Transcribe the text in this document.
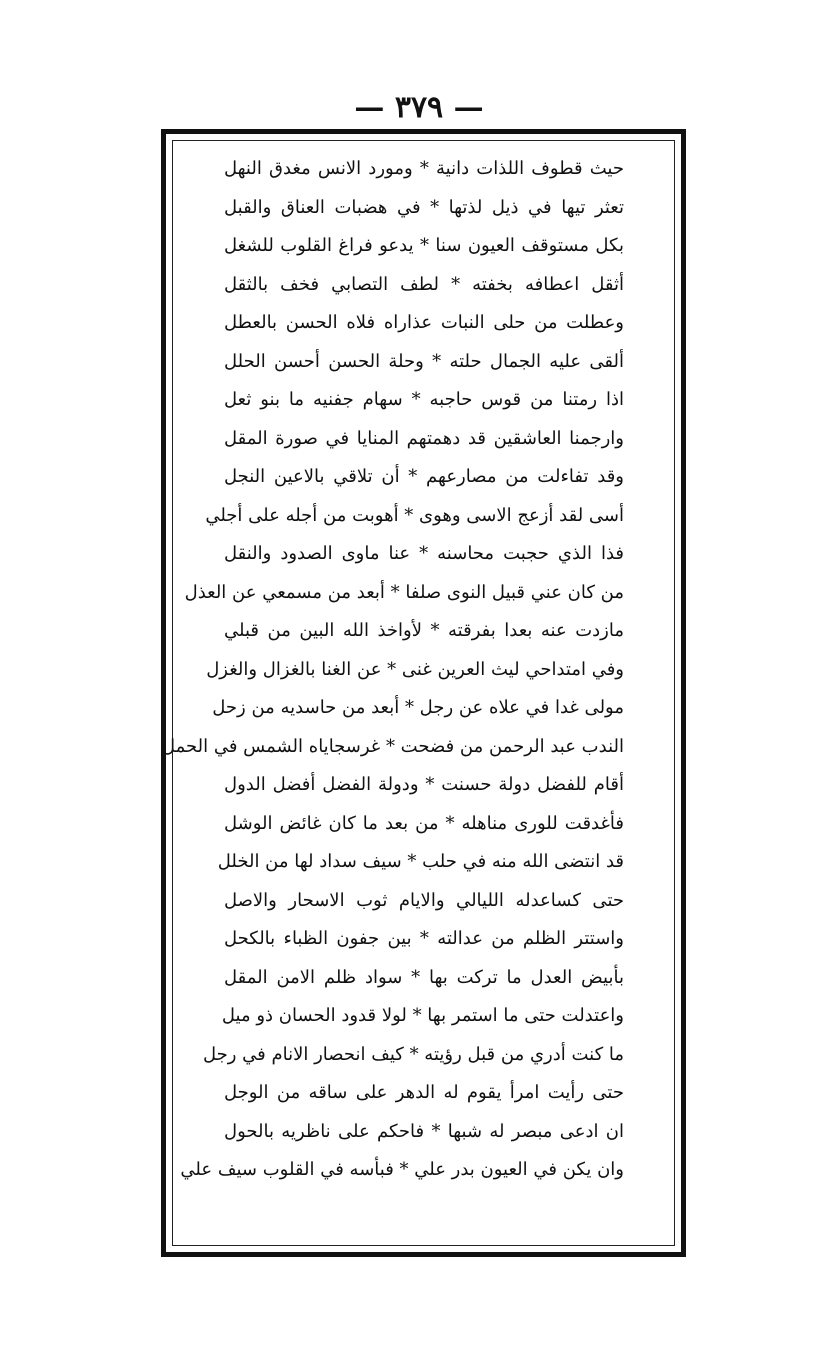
— ٣٧٩ —
حيث قطوف اللذات دانية * ومورد الانس مغدق النهل
تعثر تيها في ذيل لذتها * في هضبات العناق والقبل
بكل مستوقف العيون سنا * يدعو فراغ القلوب للشغل
أثقل اعطافه بخفته * لطف التصابي فخف بالثقل
وعطلت من حلى النبات عذاراه فلاه الحسن بالعطل
ألقى عليه الجمال حلته * وحلة الحسن أحسن الحلل
اذا رمتنا من قوس حاجبه * سهام جفنيه ما بنو ثعل
وارجمنا العاشقين قد دهمتهم المنايا في صورة المقل
وقد تفاءلت من مصارعهم * أن تلاقي بالاعين النجل
أسى لقد أزعج الاسى وهوى * أهوبت من أجله على أجلي
فذا الذي حجبت محاسنه * عنا ماوى الصدود والنقل
من كان عني قبيل النوى صلفا * أبعد من مسمعي عن العذل
مازدت عنه بعدا بفرقته * لأواخذ الله البين من قبلي
وفي امتداحي ليث العرين غنى * عن الغنا بالغزال والغزل
مولى غدا في علاه عن رجل * أبعد من حاسديه من زحل
الندب عبد الرحمن من فضحت * غرسجاياه الشمس في الحمل
أقام للفضل دولة حسنت * ودولة الفضل أفضل الدول
فأغدقت للورى مناهله * من بعد ما كان غائض الوشل
قد انتضى الله منه في حلب * سيف سداد لها من الخلل
حتى كساعدله الليالي والايام ثوب الاسحار والاصل
واستتر الظلم من عدالته * بين جفون الظباء بالكحل
بأبيض العدل ما تركت بها * سواد ظلم الامن المقل
واعتدلت حتى ما استمر بها * لولا قدود الحسان ذو ميل
ما كنت أدري من قبل رؤيته * كيف انحصار الانام في رجل
حتى رأيت امرأ يقوم له الدهر على ساقه من الوجل
ان ادعى مبصر له شبها * فاحكم على ناظريه بالحول
وان يكن في العيون بدر علي * فبأسه في القلوب سيف علي
